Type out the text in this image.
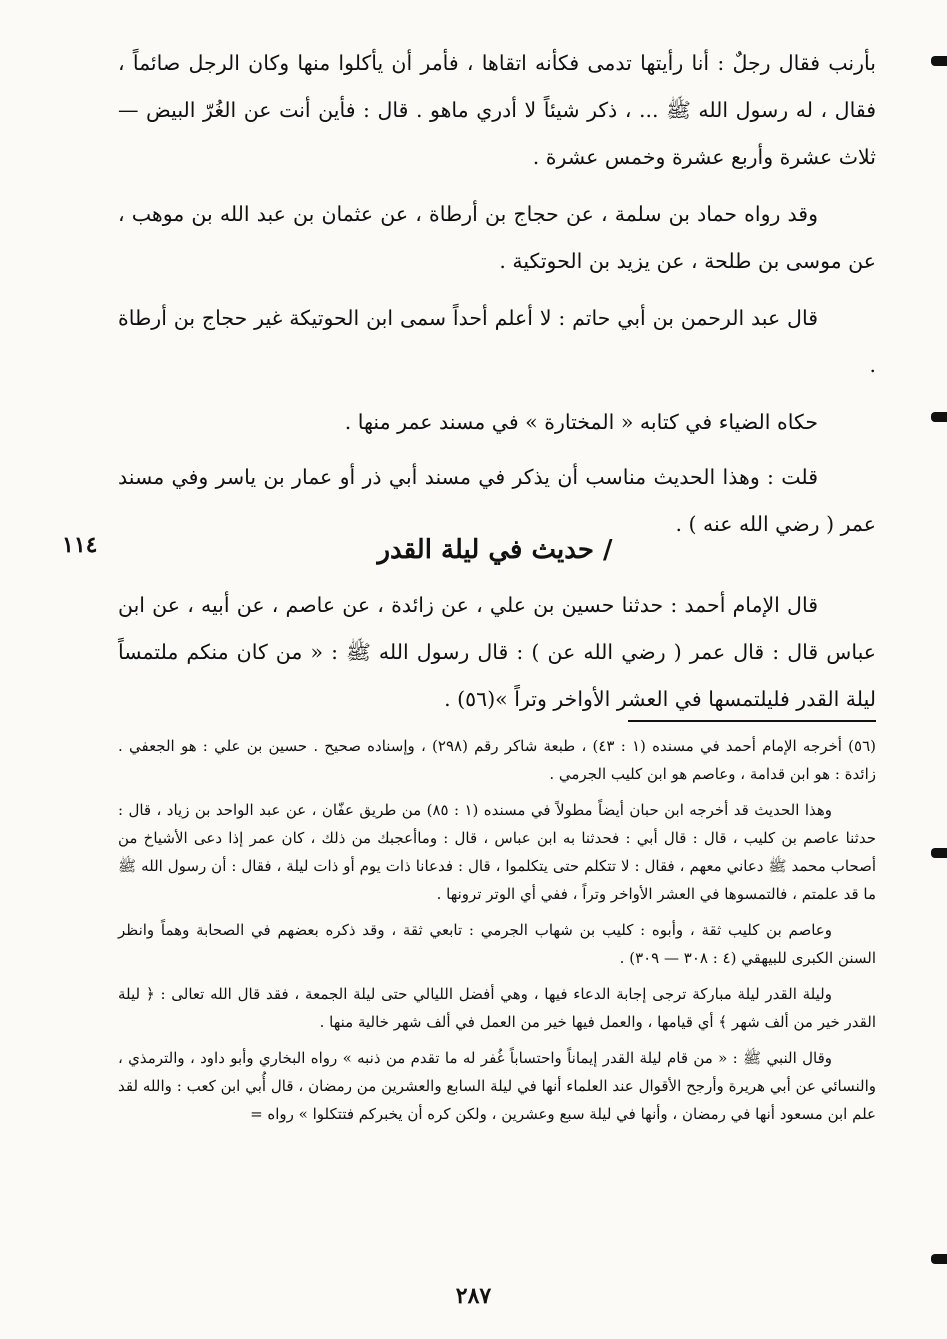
بأرنب فقال رجلٌ : أنا رأيتها تدمى فكأنه اتقاها ، فأمر أن يأكلوا منها وكان الرجل صائماً ، فقال ، له رسول الله ﷺ ... ، ذكر شيئاً لا أدري ماهو . قال : فأين أنت عن الغُرّ البيض — ثلاث عشرة وأربع عشرة وخمس عشرة .

وقد رواه حماد بن سلمة ، عن حجاج بن أرطاة ، عن عثمان بن عبد الله بن موهب ، عن موسى بن طلحة ، عن يزيد بن الحوتكية .

قال عبد الرحمن بن أبي حاتم : لا أعلم أحداً سمى ابن الحوتيكة غير حجاج بن أرطاة .

حكاه الضياء في كتابه « المختارة » في مسند عمر منها .

قلت : وهذا الحديث مناسب أن يذكر في مسند أبي ذر أو عمار بن ياسر وفي مسند عمر ( رضي الله عنه ) .

١١٤	/ حديث في ليلة القدر

قال الإمام أحمد : حدثنا حسين بن علي ، عن زائدة ، عن عاصم ، عن أبيه ، عن ابن عباس قال : قال عمر ( رضي الله عن ) : قال رسول الله ﷺ : « من كان منكم ملتمساً ليلة القدر فليلتمسها في العشر الأواخر وتراً »(٥٦) .

(٥٦) أخرجه الإمام أحمد في مسنده (١ : ٤٣) ، طبعة شاكر رقم (٢٩٨) ، وإسناده صحيح . حسين بن علي : هو الجعفي . زائدة : هو ابن قدامة ، وعاصم هو ابن كليب الجرمي .

وهذا الحديث قد أخرجه ابن حبان أيضاً مطولاً في مسنده (١ : ٨٥) من طريق عفّان ، عن عبد الواحد بن زياد ، قال : حدثنا عاصم بن كليب ، قال : قال أبي : فحدثنا به ابن عباس ، قال : وماأعجبك من ذلك ، كان عمر إذا دعى الأشياخ من أصحاب محمد ﷺ دعاني معهم ، فقال : لا تتكلم حتى يتكلموا ، قال : فدعانا ذات يوم أو ذات ليلة ، فقال : أن رسول الله ﷺ ما قد علمتم ، فالتمسوها في العشر الأواخر وتراً ، ففي أي الوتر ترونها .

وعاصم بن كليب ثقة ، وأبوه : كليب بن شهاب الجرمي : تابعي ثقة ، وقد ذكره بعضهم في الصحابة وهماً وانظر السنن الكبرى للبيهقي (٤ : ٣٠٨ — ٣٠٩) .

وليلة القدر ليلة مباركة ترجى إجابة الدعاء فيها ، وهي أفضل الليالي حتى ليلة الجمعة ، فقد قال الله تعالى : ﴿ ليلة القدر خير من ألف شهر ﴾ أي قيامها ، والعمل فيها خير من العمل في ألف شهر خالية منها .

وقال النبي ﷺ : « من قام ليلة القدر إيماناً واحتساباً غُفر له ما تقدم من ذنبه » رواه البخاري وأبو داود ، والترمذي ، والنسائي عن أبي هريرة وأرجح الأقوال عند العلماء أنها في ليلة السابع والعشرين من رمضان ، قال أُبي ابن كعب : والله لقد علم ابن مسعود أنها في رمضان ، وأنها في ليلة سبع وعشرين ، ولكن كره أن يخبركم فتتكلوا » رواه =

٢٨٧
